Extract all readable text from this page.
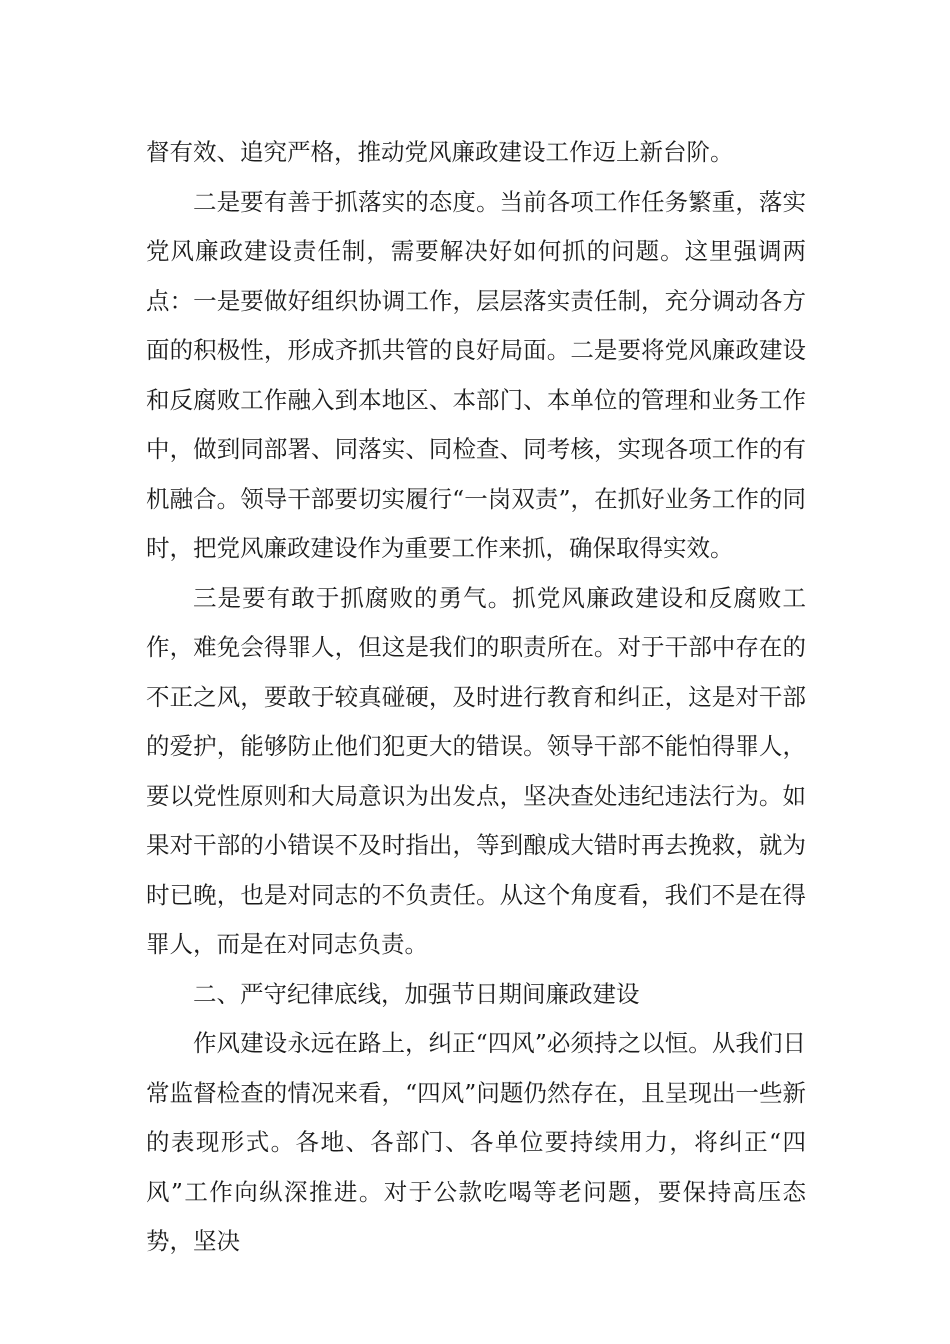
督有效、追究严格，推动党风廉政建设工作迈上新台阶。

二是要有善于抓落实的态度。当前各项工作任务繁重，落实党风廉政建设责任制，需要解决好如何抓的问题。这里强调两点：一是要做好组织协调工作，层层落实责任制，充分调动各方面的积极性，形成齐抓共管的良好局面。二是要将党风廉政建设和反腐败工作融入到本地区、本部门、本单位的管理和业务工作中，做到同部署、同落实、同检查、同考核，实现各项工作的有机融合。领导干部要切实履行“一岗双责”，在抓好业务工作的同时，把党风廉政建设作为重要工作来抓，确保取得实效。

三是要有敢于抓腐败的勇气。抓党风廉政建设和反腐败工作，难免会得罪人，但这是我们的职责所在。对于干部中存在的不正之风，要敢于较真碰硬，及时进行教育和纠正，这是对干部的爱护，能够防止他们犯更大的错误。领导干部不能怕得罪人，要以党性原则和大局意识为出发点，坚决查处违纪违法行为。如果对干部的小错误不及时指出，等到酿成大错时再去挽救，就为时已晚，也是对同志的不负责任。从这个角度看，我们不是在得罪人，而是在对同志负责。

二、严守纪律底线，加强节日期间廉政建设

作风建设永远在路上，纠正“四风”必须持之以恒。从我们日常监督检查的情况来看，“四风”问题仍然存在，且呈现出一些新的表现形式。各地、各部门、各单位要持续用力，将纠正“四风”工作向纵深推进。对于公款吃喝等老问题，要保持高压态势，坚决
